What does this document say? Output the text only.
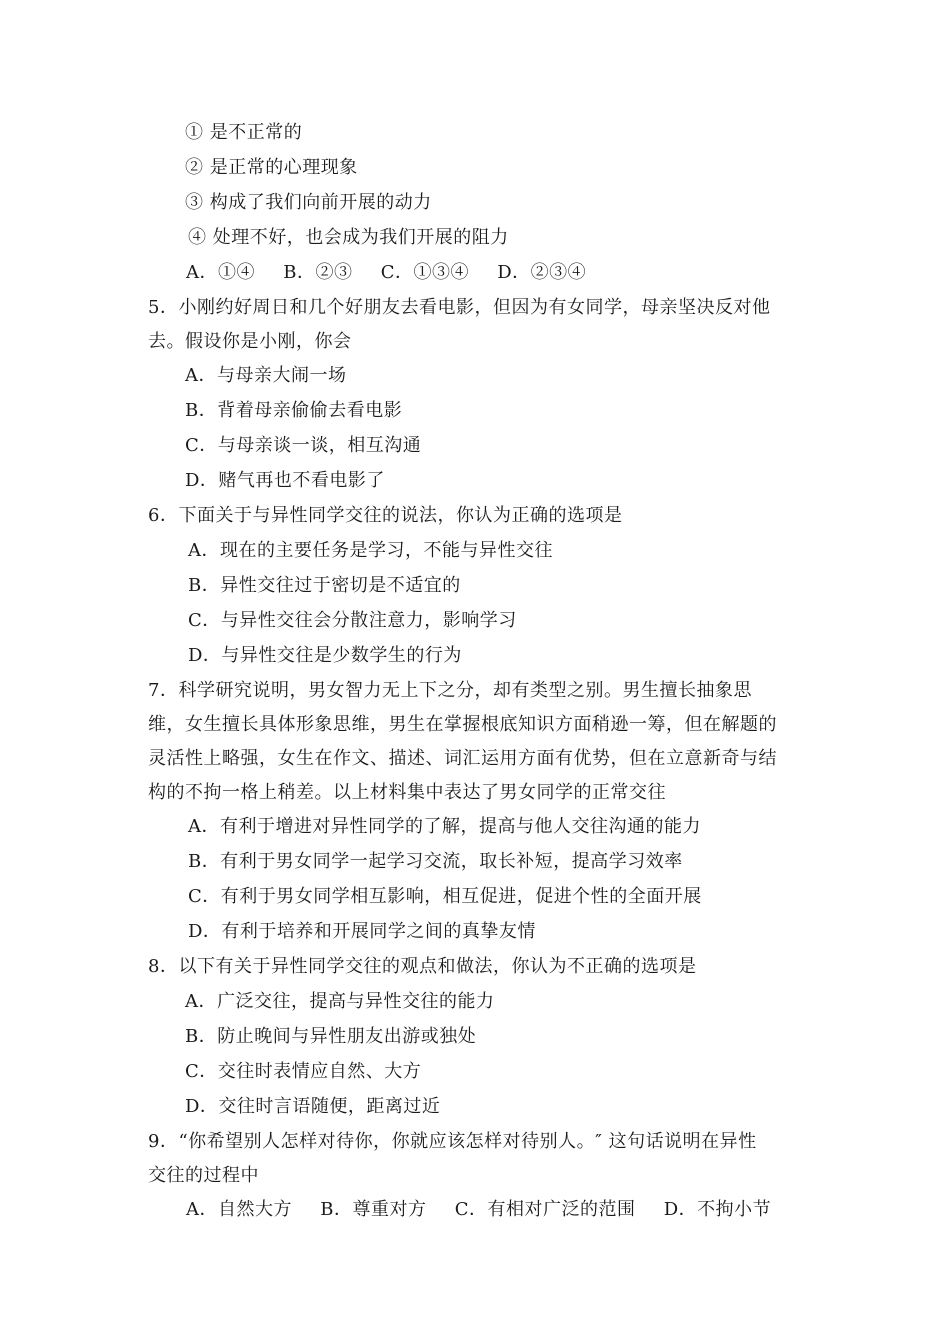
① 是不正常的
② 是正常的心理现象
③ 构成了我们向前开展的动力
④ 处理不好，也会成为我们开展的阻力
A．①④ B．②③ C．①③④ D．②③④
5．小刚约好周日和几个好朋友去看电影，但因为有女同学，母亲坚决反对他
去。假设你是小刚，你会
A．与母亲大闹一场
B．背着母亲偷偷去看电影
C．与母亲谈一谈，相互沟通
D．赌气再也不看电影了
6．下面关于与异性同学交往的说法，你认为正确的选项是
A．现在的主要任务是学习，不能与异性交往
B．异性交往过于密切是不适宜的
C．与异性交往会分散注意力，影响学习
D．与异性交往是少数学生的行为
7．科学研究说明，男女智力无上下之分，却有类型之别。男生擅长抽象思
维，女生擅长具体形象思维，男生在掌握根底知识方面稍逊一筹，但在解题的
灵活性上略强，女生在作文、描述、词汇运用方面有优势，但在立意新奇与结
构的不拘一格上稍差。以上材料集中表达了男女同学的正常交往
A．有利于增进对异性同学的了解，提高与他人交往沟通的能力
B．有利于男女同学一起学习交流，取长补短，提高学习效率
C．有利于男女同学相互影响，相互促进，促进个性的全面开展
D．有利于培养和开展同学之间的真挚友情
8．以下有关于异性同学交往的观点和做法，你认为不正确的选项是
A．广泛交往，提高与异性交往的能力
B．防止晚间与异性朋友出游或独处
C．交往时表情应自然、大方
D．交往时言语随便，距离过近
9．“你希望别人怎样对待你，你就应该怎样对待别人。″ 这句话说明在异性
交往的过程中
A．自然大方 B．尊重对方 C．有相对广泛的范围 D．不拘小节
